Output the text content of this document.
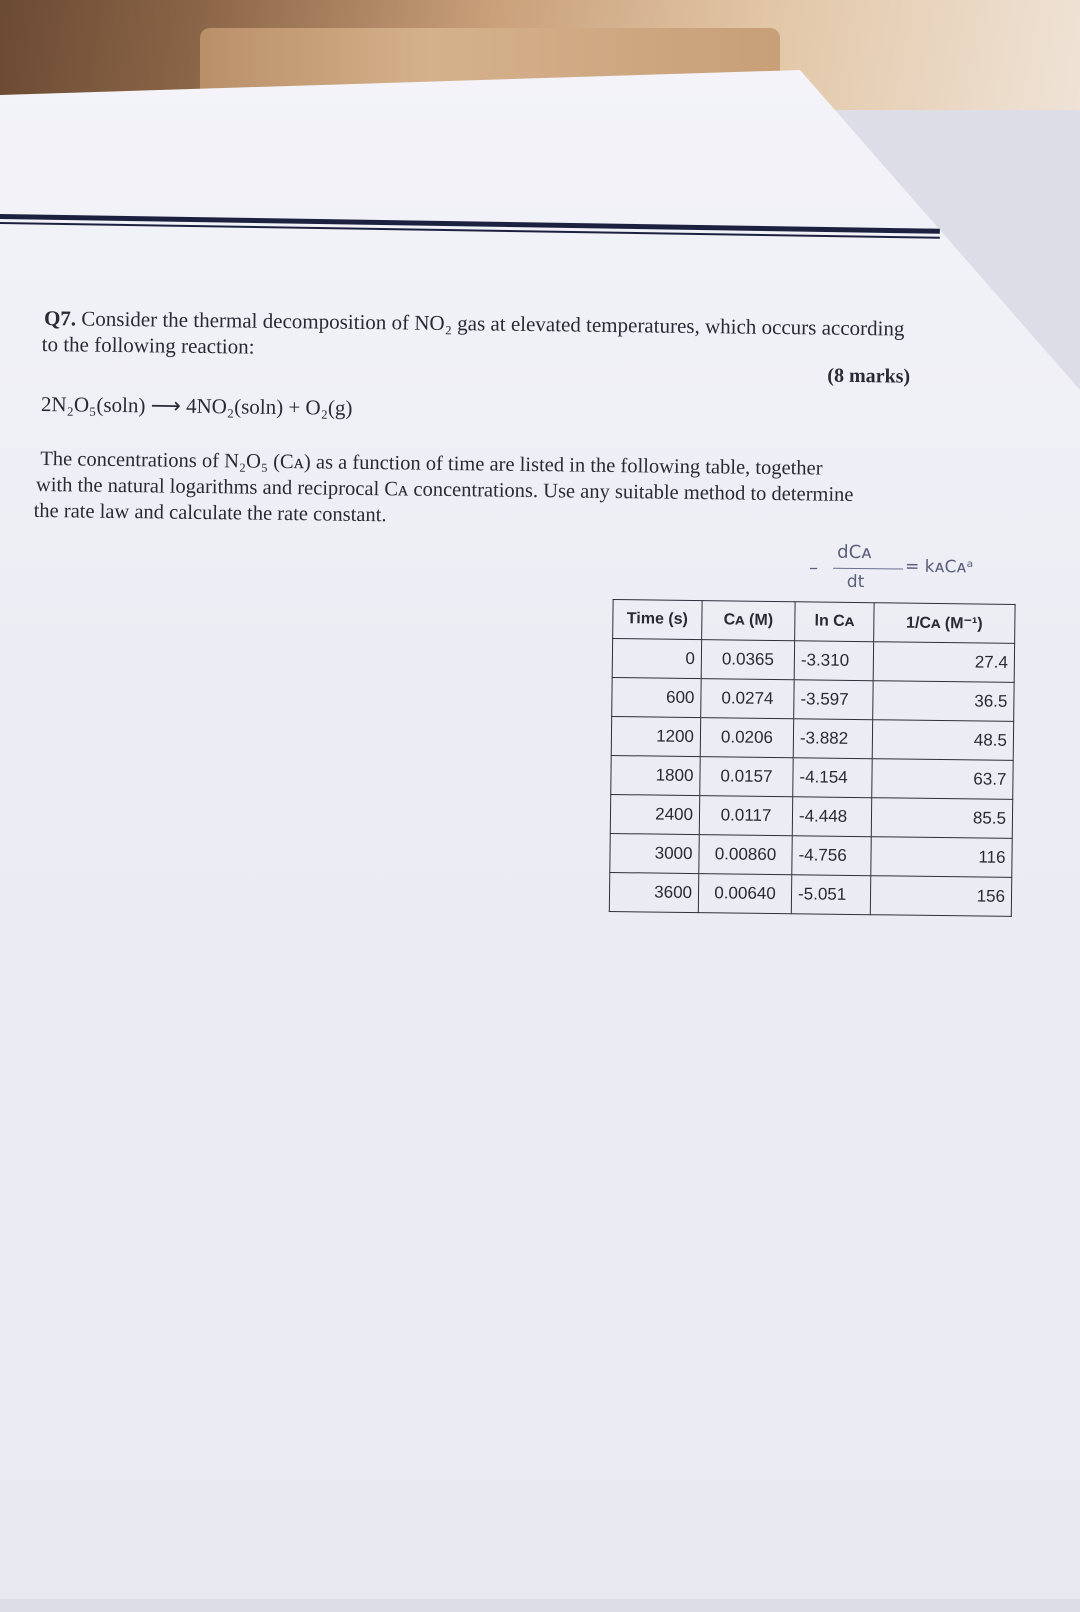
Q7. Consider the thermal decomposition of NO₂ gas at elevated temperatures, which occurs according
to the following reaction:
(8 marks)
2N₂O₅(soln) ⟶ 4NO₂(soln) + O₂(g)
The concentrations of N₂O₅ (Cᴀ) as a function of time are listed in the following table, together
with the natural logarithms and reciprocal Cᴀ concentrations. Use any suitable method to determine
the rate law and calculate the rate constant.
–
dCᴀ
dt
= kᴀCᴀᵃ
Time (s)	Cᴀ (M)	ln Cᴀ	1/Cᴀ (M⁻¹)
0	0.0365	-3.310	27.4
600	0.0274	-3.597	36.5
1200	0.0206	-3.882	48.5
1800	0.0157	-4.154	63.7
2400	0.0117	-4.448	85.5
3000	0.00860	-4.756	116
3600	0.00640	-5.051	156
